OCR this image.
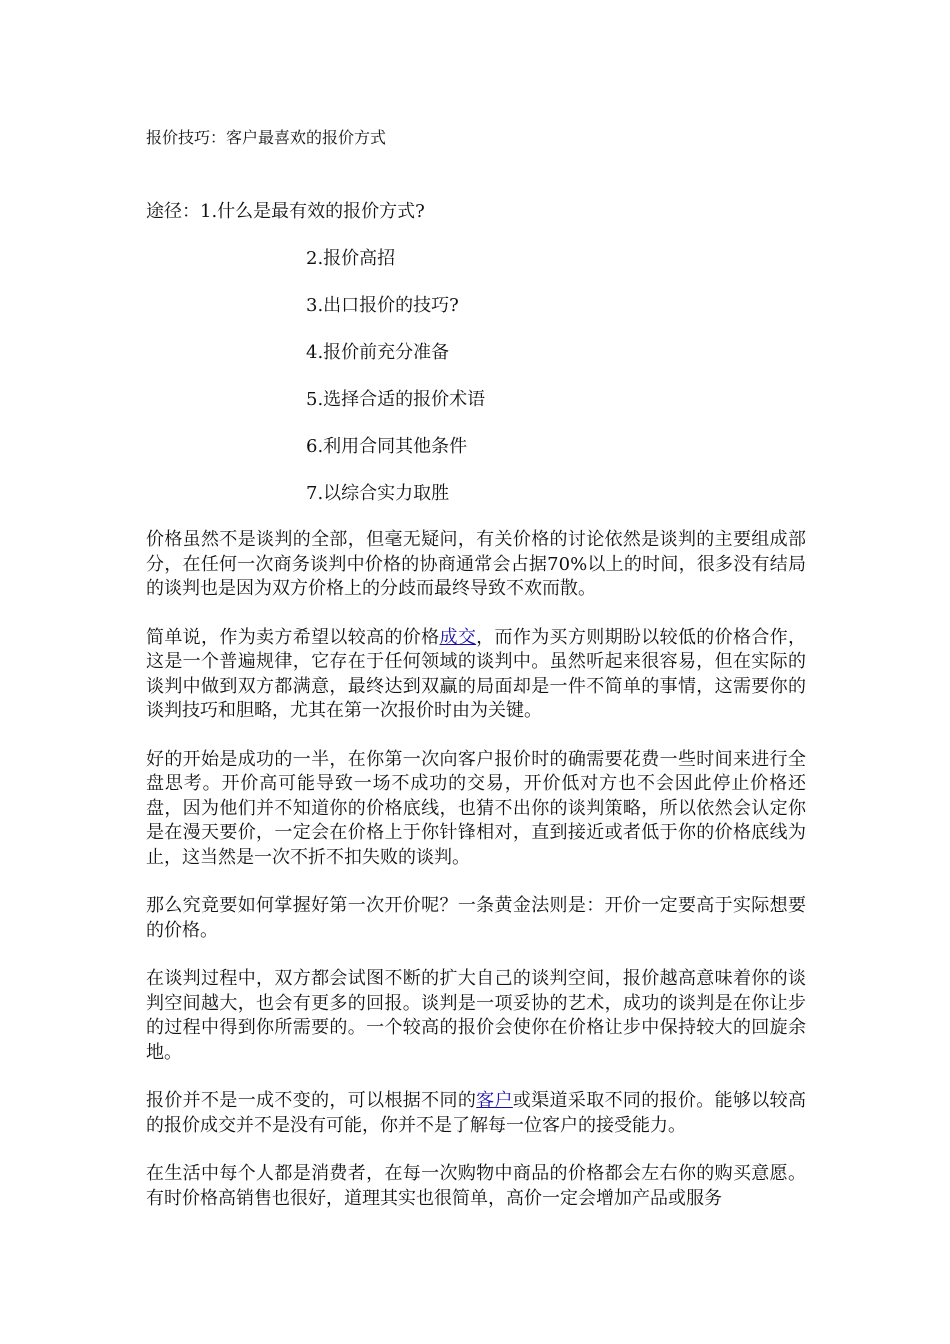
报价技巧：客户最喜欢的报价方式
途径：1.什么是最有效的报价方式?
2.报价高招
3.出口报价的技巧?
4.报价前充分准备
5.选择合适的报价术语
6.利用合同其他条件
7.以综合实力取胜

价格虽然不是谈判的全部，但毫无疑问，有关价格的讨论依然是谈判的主要组成部分，在任何一次商务谈判中价格的协商通常会占据70%以上的时间，很多没有结局的谈判也是因为双方价格上的分歧而最终导致不欢而散。

简单说，作为卖方希望以较高的价格成交，而作为买方则期盼以较低的价格合作，这是一个普遍规律，它存在于任何领域的谈判中。虽然听起来很容易，但在实际的谈判中做到双方都满意，最终达到双赢的局面却是一件不简单的事情，这需要你的谈判技巧和胆略，尤其在第一次报价时由为关键。

好的开始是成功的一半，在你第一次向客户报价时的确需要花费一些时间来进行全盘思考。开价高可能导致一场不成功的交易，开价低对方也不会因此停止价格还盘，因为他们并不知道你的价格底线，也猜不出你的谈判策略，所以依然会认定你是在漫天要价，一定会在价格上于你针锋相对，直到接近或者低于你的价格底线为止，这当然是一次不折不扣失败的谈判。

那么究竟要如何掌握好第一次开价呢？一条黄金法则是：开价一定要高于实际想要的价格。

在谈判过程中，双方都会试图不断的扩大自己的谈判空间，报价越高意味着你的谈判空间越大，也会有更多的回报。谈判是一项妥协的艺术，成功的谈判是在你让步的过程中得到你所需要的。一个较高的报价会使你在价格让步中保持较大的回旋余地。

报价并不是一成不变的，可以根据不同的客户或渠道采取不同的报价。能够以较高的报价成交并不是没有可能，你并不是了解每一位客户的接受能力。

在生活中每个人都是消费者，在每一次购物中商品的价格都会左右你的购买意愿。有时价格高销售也很好，道理其实也很简单，高价一定会增加产品或服务
